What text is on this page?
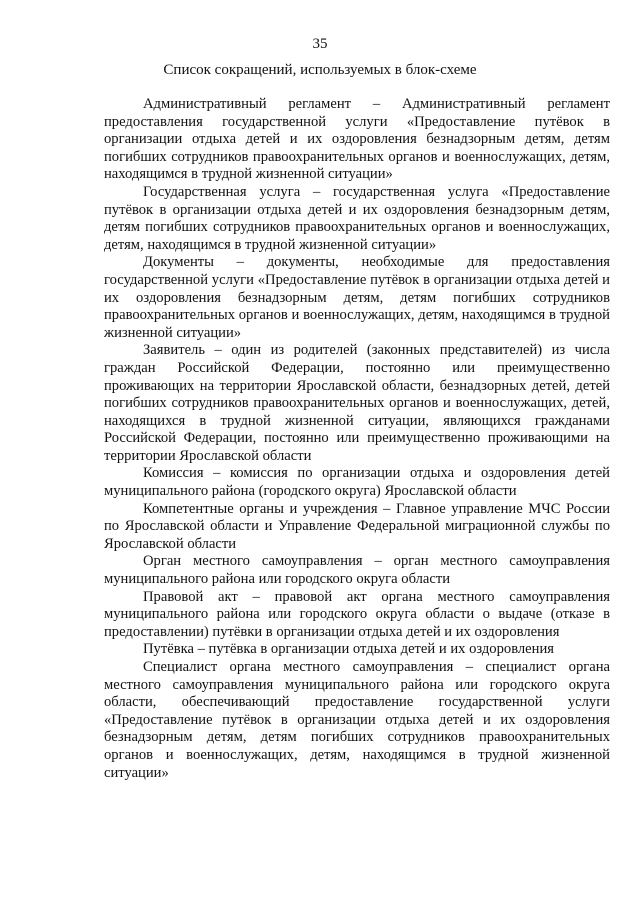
35
Список сокращений, используемых в блок-схеме

Административный регламент – Административный регламент предоставления государственной услуги «Предоставление путёвок в организации отдыха детей и их оздоровления безнадзорным детям, детям погибших сотрудников правоохранительных органов и военнослужащих, детям, находящимся в трудной жизненной ситуации»

Государственная услуга – государственная услуга «Предоставление путёвок в организации отдыха детей и их оздоровления безнадзорным детям, детям погибших сотрудников правоохранительных органов и военнослужащих, детям, находящимся в трудной жизненной ситуации»

Документы – документы, необходимые для предоставления государственной услуги «Предоставление путёвок в организации отдыха детей и их оздоровления безнадзорным детям, детям погибших сотрудников правоохранительных органов и военнослужащих, детям, находящимся в трудной жизненной ситуации»

Заявитель – один из родителей (законных представителей) из числа граждан Российской Федерации, постоянно или преимущественно проживающих на территории Ярославской области, безнадзорных детей, детей погибших сотрудников правоохранительных органов и военнослужащих, детей, находящихся в трудной жизненной ситуации, являющихся гражданами Российской Федерации, постоянно или преимущественно проживающими на территории Ярославской области

Комиссия – комиссия по организации отдыха и оздоровления детей муниципального района (городского округа) Ярославской области

Компетентные органы и учреждения – Главное управление МЧС России по Ярославской области и Управление Федеральной миграционной службы по Ярославской области

Орган местного самоуправления – орган местного самоуправления муниципального района или городского округа области

Правовой акт – правовой акт органа местного самоуправления муниципального района или городского округа области о выдаче (отказе в предоставлении) путёвки в организации отдыха детей и их оздоровления

Путёвка – путёвка в организации отдыха детей и их оздоровления

Специалист органа местного самоуправления – специалист органа местного самоуправления муниципального района или городского округа области, обеспечивающий предоставление государственной услуги «Предоставление путёвок в организации отдыха детей и их оздоровления безнадзорным детям, детям погибших сотрудников правоохранительных органов и военнослужащих, детям, находящимся в трудной жизненной ситуации»
